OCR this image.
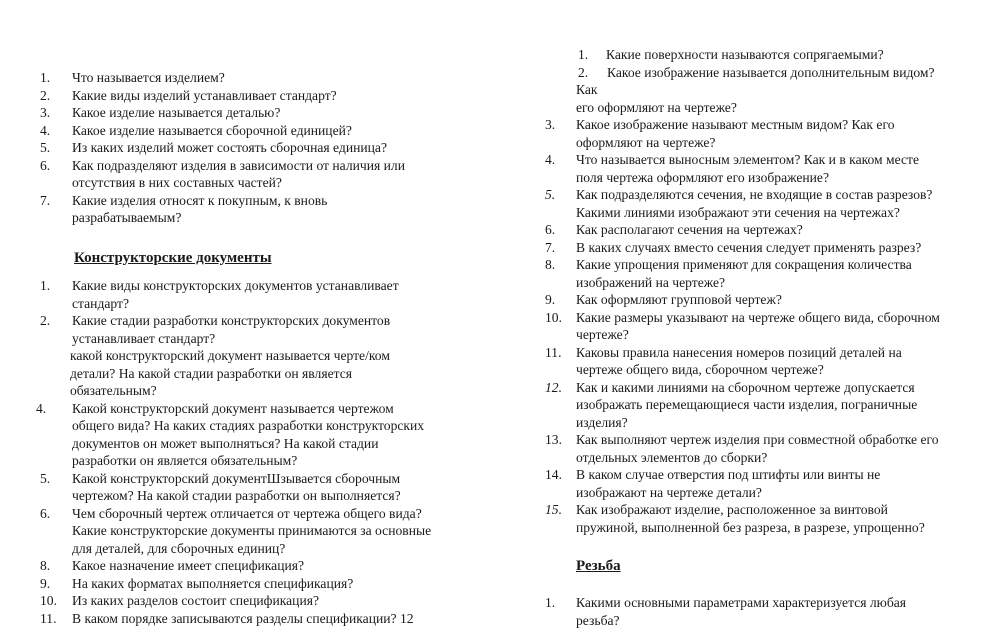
1. Что называется изделием?
2. Какие виды изделий устанавливает стандарт?
3. Какое изделие называется деталью?
4. Какое изделие называется сборочной единицей?
5. Из каких изделий может состоять сборочная единица?
6. Как подразделяют изделия в зависимости от наличия или
отсутствия в них составных частей?
7. Какие изделия относят к покупным, к вновь
разрабатываемым?
Конструкторские документы
1. Какие виды конструкторских документов устанавливает
стандарт?
2. Какие стадии разработки конструкторских документов
устанавливает стандарт?
какой конструкторский документ называется черте/ком
детали? На какой стадии разработки он является
обязательным?
4. Какой конструкторский документ называется чертежом
общего вида? На каких стадиях разработки конструкторских
документов он может выполняться? На какой стадии
разработки он является обязательным?
5. Какой конструкторский документШзывается сборочным
чертежом? На какой стадии разработки он выполняется?
6. Чем сборочный чертеж отличается от чертежа общего вида?
Какие конструкторские документы принимаются за основные
для деталей, для сборочных единиц?
8. Какое назначение имеет спецификация?
9. На каких форматах выполняется спецификация?
10. Из каких разделов состоит спецификация?
11. В каком порядке записываются разделы спецификации? 12
1. Какие поверхности называются сопрягаемыми?
2. Какое изображение называется дополнительным видом?
Как
его оформляют на чертеже?
3. Какое изображение называют местным видом? Как его
оформляют на чертеже?
4. Что называется выносным элементом? Как и в каком месте
поля чертежа оформляют его изображение?
5. Как подразделяются сечения, не входящие в состав разрезов?
Какими линиями изображают эти сечения на чертежах?
6. Как располагают сечения на чертежах?
7. В каких случаях вместо сечения следует применять разрез?
8. Какие упрощения применяют для сокращения количества
изображений на чертеже?
9. Как оформляют групповой чертеж?
10. Какие размеры указывают на чертеже общего вида, сборочном
чертеже?
11. Каковы правила нанесения номеров позиций деталей на
чертеже общего вида, сборочном чертеже?
12. Как и какими линиями на сборочном чертеже допускается
изображать перемещающиеся части изделия, пограничные
изделия?
13. Как выполняют чертеж изделия при совместной обработке его
отдельных элементов до сборки?
14. В каком случае отверстия под штифты или винты не
изображают на чертеже детали?
15. Как изображают изделие, расположенное за винтовой
пружиной, выполненной без разреза, в разрезе, упрощенно?
Резьба
1. Какими основными параметрами характеризуется любая
резьба?
